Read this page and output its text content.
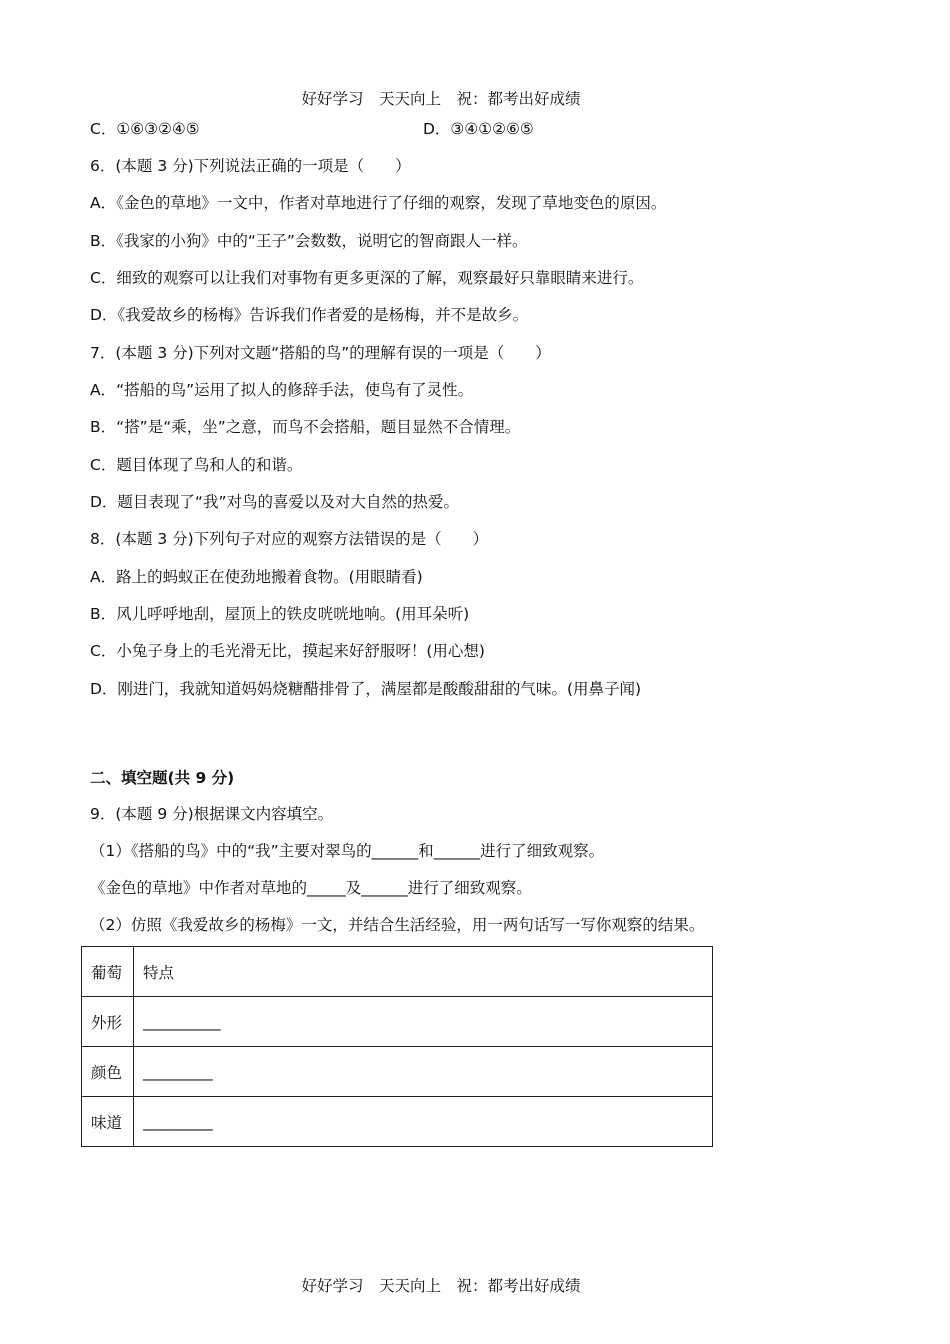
好好学习　天天向上　祝：都考出好成绩
C．①⑥③②④⑤	D．③④①②⑥⑤
6．(本题 3 分)下列说法正确的一项是（　　）
A．《金色的草地》一文中，作者对草地进行了仔细的观察，发现了草地变色的原因。
B．《我家的小狗》中的“王子”会数数，说明它的智商跟人一样。
C．细致的观察可以让我们对事物有更多更深的了解，观察最好只靠眼睛来进行。
D．《我爱故乡的杨梅》告诉我们作者爱的是杨梅，并不是故乡。
7．(本题 3 分)下列对文题“搭船的鸟”的理解有误的一项是（　　）
A．“搭船的鸟”运用了拟人的修辞手法，使鸟有了灵性。
B．“搭”是“乘，坐”之意，而鸟不会搭船，题目显然不合情理。
C．题目体现了鸟和人的和谐。
D．题目表现了“我”对鸟的喜爱以及对大自然的热爱。
8．(本题 3 分)下列句子对应的观察方法错误的是（　　）
A．路上的蚂蚁正在使劲地搬着食物。(用眼睛看)
B．风儿呼呼地刮，屋顶上的铁皮咣咣地响。(用耳朵听)
C．小兔子身上的毛光滑无比，摸起来好舒服呀！(用心想)
D．刚进门，我就知道妈妈烧糖醋排骨了，满屋都是酸酸甜甜的气味。(用鼻子闻)
二、填空题(共 9 分)
9．(本题 9 分)根据课文内容填空。
（1）《搭船的鸟》中的“我”主要对翠鸟的______和______进行了细致观察。
《金色的草地》中作者对草地的_____及______进行了细致观察。
（2）仿照《我爱故乡的杨梅》一文，并结合生活经验，用一两句话写一写你观察的结果。
葡萄	特点
外形	__________
颜色	_________
味道	_________
好好学习　天天向上　祝：都考出好成绩
